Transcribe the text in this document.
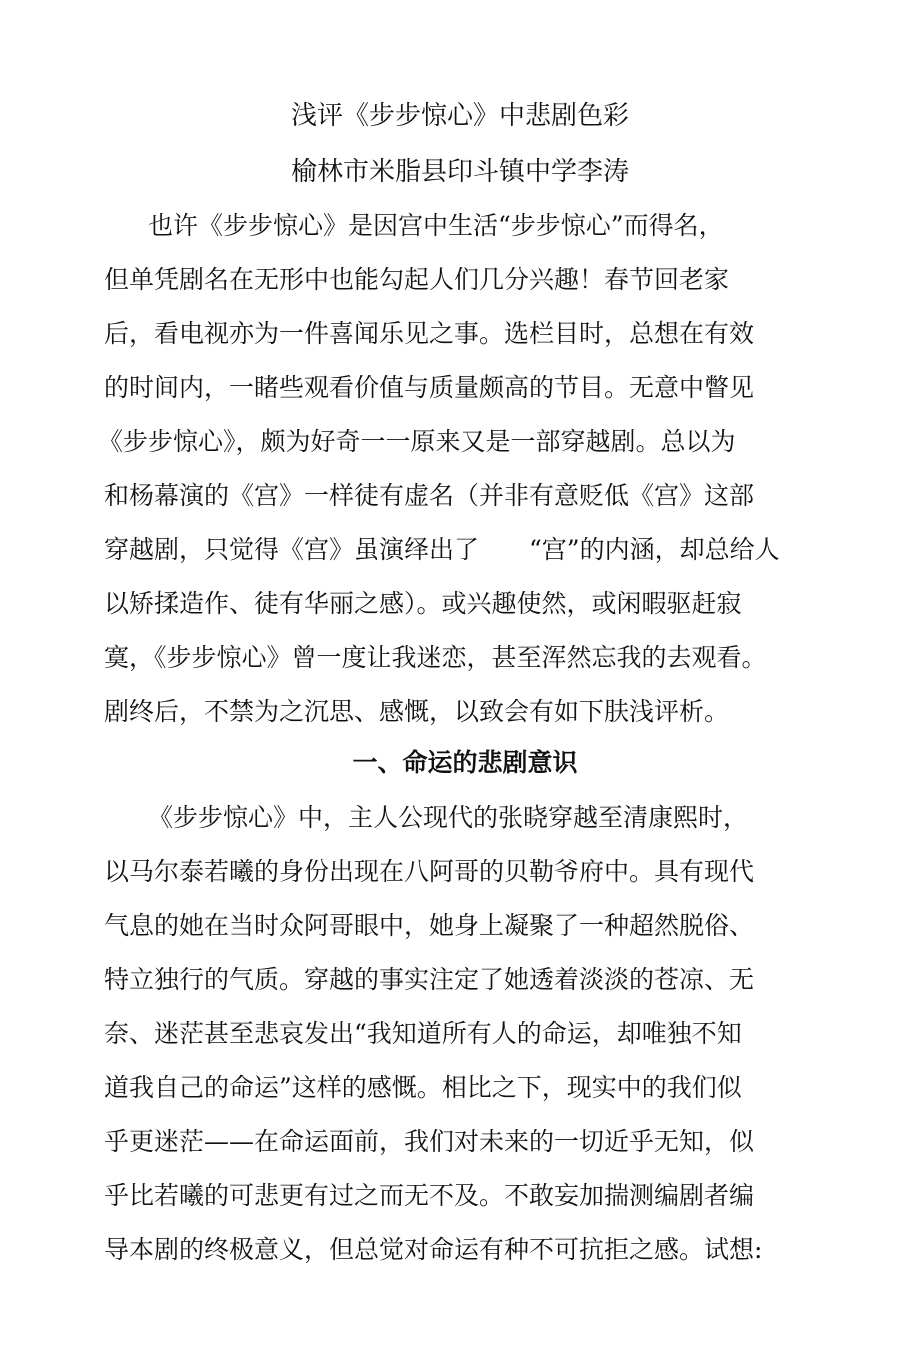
浅评《步步惊心》中悲剧色彩
榆林市米脂县印斗镇中学李涛
也许《步步惊心》是因宫中生活“步步惊心”而得名，
但单凭剧名在无形中也能勾起人们几分兴趣！春节回老家
后，看电视亦为一件喜闻乐见之事。选栏目时，总想在有效
的时间内，一睹些观看价值与质量颇高的节目。无意中瞥见
《步步惊心》，颇为好奇一一原来又是一部穿越剧。总以为
和杨幕演的《宫》一样徒有虚名（并非有意贬低《宫》这部
穿越剧，只觉得《宫》虽演绎出了　　“宫”的内涵，却总给人
以矫揉造作、徒有华丽之感）。或兴趣使然，或闲暇驱赶寂
寞，《步步惊心》曾一度让我迷恋，甚至浑然忘我的去观看。
剧终后，不禁为之沉思、感慨，以致会有如下肤浅评析。
一、命运的悲剧意识
《步步惊心》中，主人公现代的张晓穿越至清康熙时，
以马尔泰若曦的身份出现在八阿哥的贝勒爷府中。具有现代
气息的她在当时众阿哥眼中，她身上凝聚了一种超然脱俗、
特立独行的气质。穿越的事实注定了她透着淡淡的苍凉、无
奈、迷茫甚至悲哀发出“我知道所有人的命运，却唯独不知
道我自己的命运”这样的感慨。相比之下，现实中的我们似
乎更迷茫——在命运面前，我们对未来的一切近乎无知，似
乎比若曦的可悲更有过之而无不及。不敢妄加揣测编剧者编
导本剧的终极意义，但总觉对命运有种不可抗拒之感。试想:
